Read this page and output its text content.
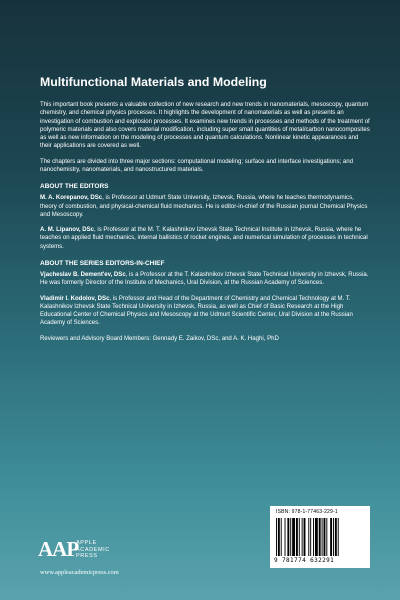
Multifunctional Materials and Modeling

This important book presents a valuable collection of new research and new trends in nanomaterials, mesoscopy, quantum chemistry, and chemical physics processes. It highlights the development of nanomaterials as well as presents an investigation of combustion and explosion processes. It examines new trends in processes and methods of the treatment of polymeric materials and also covers material modification, including super small quantities of metal/carbon nanocomposites as well as new information on the modeling of processes and quantum calculations. Nonlinear kinetic appearances and their applications are covered as well.

The chapters are divided into three major sections: computational modeling; surface and interface investigations; and nanochemistry, nanomaterials, and nanostructured materials.

ABOUT THE EDITORS

M. A. Korepanov, DSc, is Professor at Udmurt State University, Izhevsk, Russia, where he teaches thermodynamics, theory of combustion, and physical-chemical fluid mechanics. He is editor-in-chief of the Russian journal Chemical Physics and Mesoscopy.

A. M. Lipanov, DSc, is Professor at the M. T. Kalashnikov Izhevsk State Technical Institute in Izhevsk, Russia, where he teaches on applied fluid mechanics, internal ballistics of rocket engines, and numerical simulation of processes in technical systems.

ABOUT THE SERIES EDITORS-IN-CHIEF

Vjacheslav B. Dement'ev, DSc, is a Professor at the T. Kalashnikov Izhevsk State Technical University in Izhevsk, Russia. He was formerly Director of the Institute of Mechanics, Ural Division, at the Russian Academy of Sciences.

Vladimir I. Kodolov, DSc, is Professor and Head of the Department of Chemistry and Chemical Technology at M. T. Kalashnikov Izhevsk State Technical University in Izhevsk, Russia, as well as Chief of Basic Research at the High Educational Center of Chemical Physics and Mesoscopy at the Udmurt Scientific Center, Ural Division at the Russian Academy of Sciences.

Reviewers and Advisory Board Members: Gennady E. Zaikov, DSc, and A. K. Haghi, PhD

ISBN: 978-1-77463-229-1
9 781774 632291
AAP
APPLE
ACADEMIC
PRESS
www.appleacademicpress.com
